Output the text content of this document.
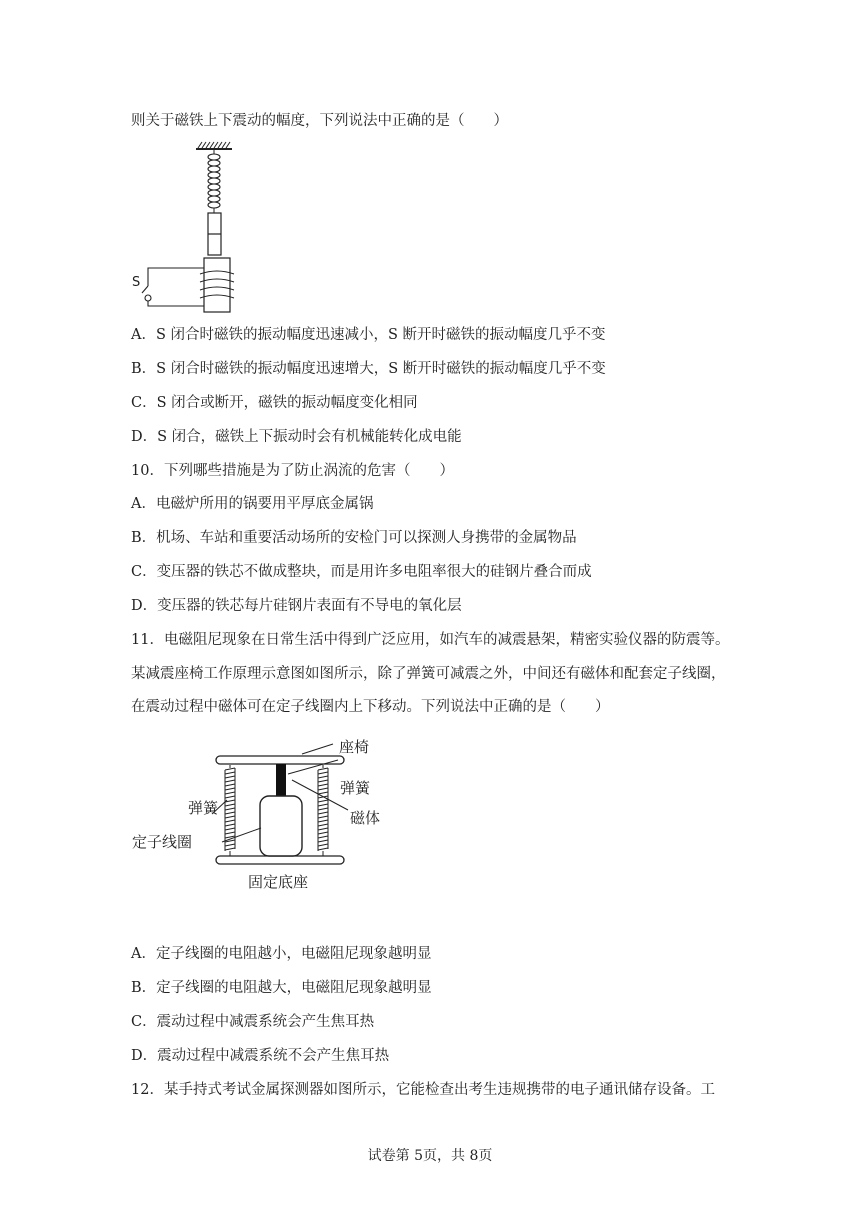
则关于磁铁上下震动的幅度，下列说法中正确的是（　　）
S
A．S 闭合时磁铁的振动幅度迅速减小，S 断开时磁铁的振动幅度几乎不变
B．S 闭合时磁铁的振动幅度迅速增大，S 断开时磁铁的振动幅度几乎不变
C．S 闭合或断开，磁铁的振动幅度变化相同
D．S 闭合，磁铁上下振动时会有机械能转化成电能
10．下列哪些措施是为了防止涡流的危害（　　）
A．电磁炉所用的锅要用平厚底金属锅
B．机场、车站和重要活动场所的安检门可以探测人身携带的金属物品
C．变压器的铁芯不做成整块，而是用许多电阻率很大的硅钢片叠合而成
D．变压器的铁芯每片硅钢片表面有不导电的氧化层
11．电磁阻尼现象在日常生活中得到广泛应用，如汽车的减震悬架，精密实验仪器的防震等。
某减震座椅工作原理示意图如图所示，除了弹簧可减震之外，中间还有磁体和配套定子线圈，
在震动过程中磁体可在定子线圈内上下移动。下列说法中正确的是（　　）
座椅
弹簧
磁体
弹簧
定子线圈
固定底座
A．定子线圈的电阻越小，电磁阻尼现象越明显
B．定子线圈的电阻越大，电磁阻尼现象越明显
C．震动过程中减震系统会产生焦耳热
D．震动过程中减震系统不会产生焦耳热
12．某手持式考试金属探测器如图所示，它能检查出考生违规携带的电子通讯储存设备。工
试卷第 5页，共 8页
